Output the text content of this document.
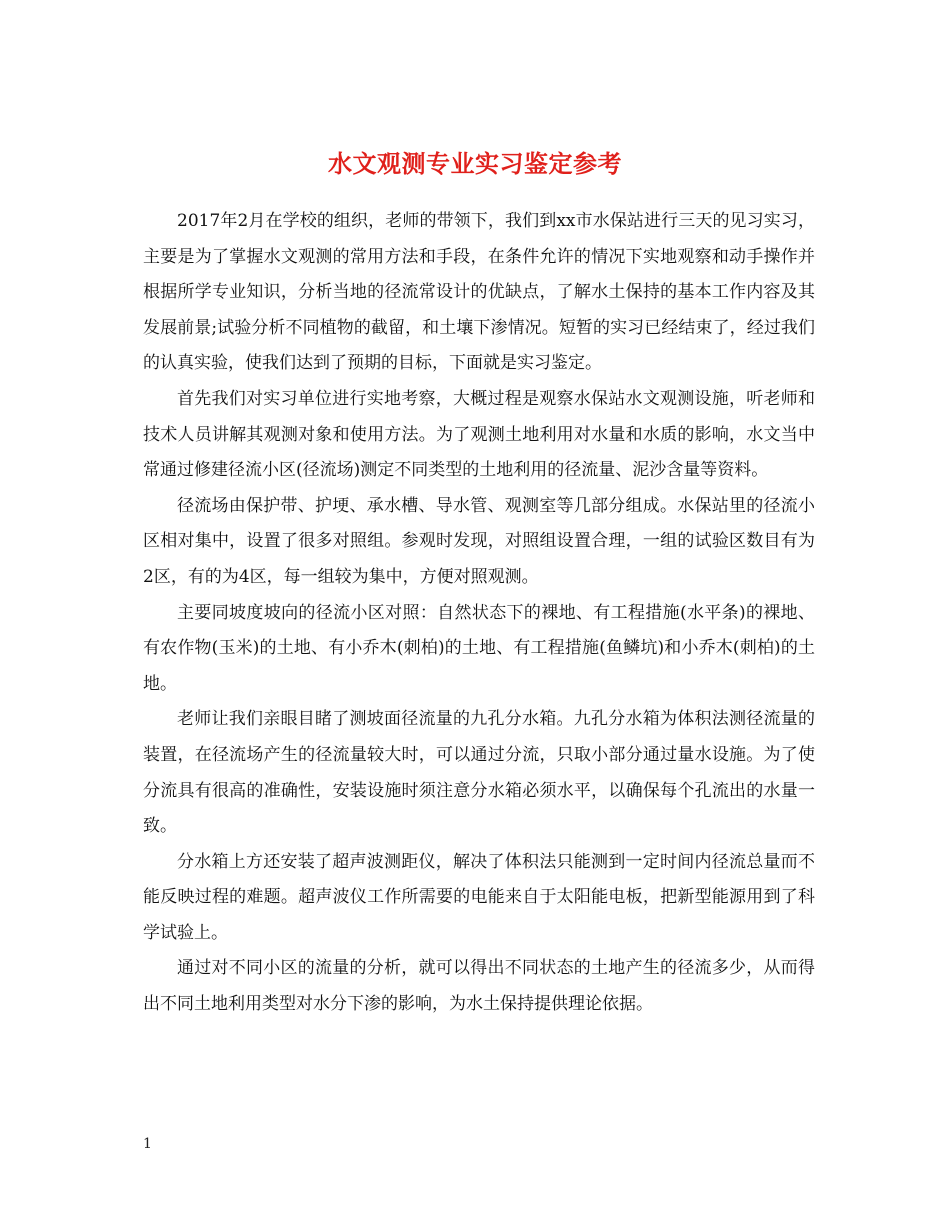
水文观测专业实习鉴定参考

2017年2月在学校的组织，老师的带领下，我们到xx市水保站进行三天的见习实习，主要是为了掌握水文观测的常用方法和手段，在条件允许的情况下实地观察和动手操作并根据所学专业知识，分析当地的径流常设计的优缺点，了解水土保持的基本工作内容及其发展前景;试验分析不同植物的截留，和土壤下渗情况。短暂的实习已经结束了，经过我们的认真实验，使我们达到了预期的目标，下面就是实习鉴定。

首先我们对实习单位进行实地考察，大概过程是观察水保站水文观测设施，听老师和技术人员讲解其观测对象和使用方法。为了观测土地利用对水量和水质的影响，水文当中常通过修建径流小区(径流场)测定不同类型的土地利用的径流量、泥沙含量等资料。

径流场由保护带、护埂、承水槽、导水管、观测室等几部分组成。水保站里的径流小区相对集中，设置了很多对照组。参观时发现，对照组设置合理，一组的试验区数目有为2区，有的为4区，每一组较为集中，方便对照观测。

主要同坡度坡向的径流小区对照：自然状态下的裸地、有工程措施(水平条)的裸地、有农作物(玉米)的土地、有小乔木(刺柏)的土地、有工程措施(鱼鳞坑)和小乔木(刺柏)的土地。

老师让我们亲眼目睹了测坡面径流量的九孔分水箱。九孔分水箱为体积法测径流量的装置，在径流场产生的径流量较大时，可以通过分流，只取小部分通过量水设施。为了使分流具有很高的准确性，安装设施时须注意分水箱必须水平，以确保每个孔流出的水量一致。

分水箱上方还安装了超声波测距仪，解决了体积法只能测到一定时间内径流总量而不能反映过程的难题。超声波仪工作所需要的电能来自于太阳能电板，把新型能源用到了科学试验上。

通过对不同小区的流量的分析，就可以得出不同状态的土地产生的径流多少，从而得出不同土地利用类型对水分下渗的影响，为水土保持提供理论依据。

1
